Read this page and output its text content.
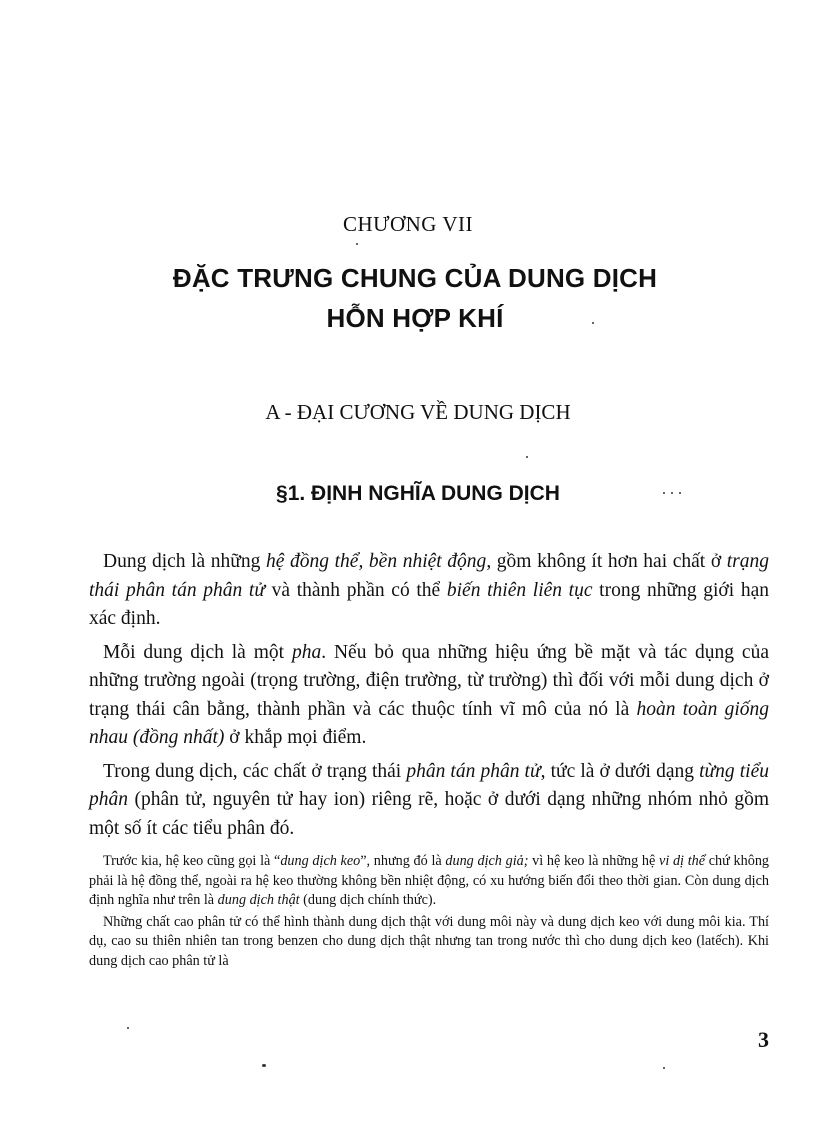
CHƯƠNG VII
ĐẶC TRƯNG CHUNG CỦA DUNG DỊCH
HỖN HỢP KHÍ
A - ĐẠI CƯƠNG VỀ DUNG DỊCH
§1. ĐỊNH NGHĨA DUNG DỊCH

Dung dịch là những hệ đồng thể, bền nhiệt động, gồm không ít hơn hai chất ở trạng thái phân tán phân tử và thành phần có thể biến thiên liên tục trong những giới hạn xác định.

Mỗi dung dịch là một pha. Nếu bỏ qua những hiệu ứng bề mặt và tác dụng của những trường ngoài (trọng trường, điện trường, từ trường) thì đối với mỗi dung dịch ở trạng thái cân bằng, thành phần và các thuộc tính vĩ mô của nó là hoàn toàn giống nhau (đồng nhất) ở khắp mọi điểm.

Trong dung dịch, các chất ở trạng thái phân tán phân tử, tức là ở dưới dạng từng tiểu phân (phân tử, nguyên tử hay ion) riêng rẽ, hoặc ở dưới dạng những nhóm nhỏ gồm một số ít các tiểu phân đó.

Trước kia, hệ keo cũng gọi là “dung dịch keo”, nhưng đó là dung dịch giả; vì hệ keo là những hệ vi dị thể chứ không phải là hệ đồng thể, ngoài ra hệ keo thường không bền nhiệt động, có xu hướng biến đổi theo thời gian. Còn dung dịch định nghĩa như trên là dung dịch thật (dung dịch chính thức).

Những chất cao phân tử có thể hình thành dung dịch thật với dung môi này và dung dịch keo với dung môi kia. Thí dụ, cao su thiên nhiên tan trong benzen cho dung dịch thật nhưng tan trong nước thì cho dung dịch keo (latếch). Khi dung dịch cao phân tử là

3
